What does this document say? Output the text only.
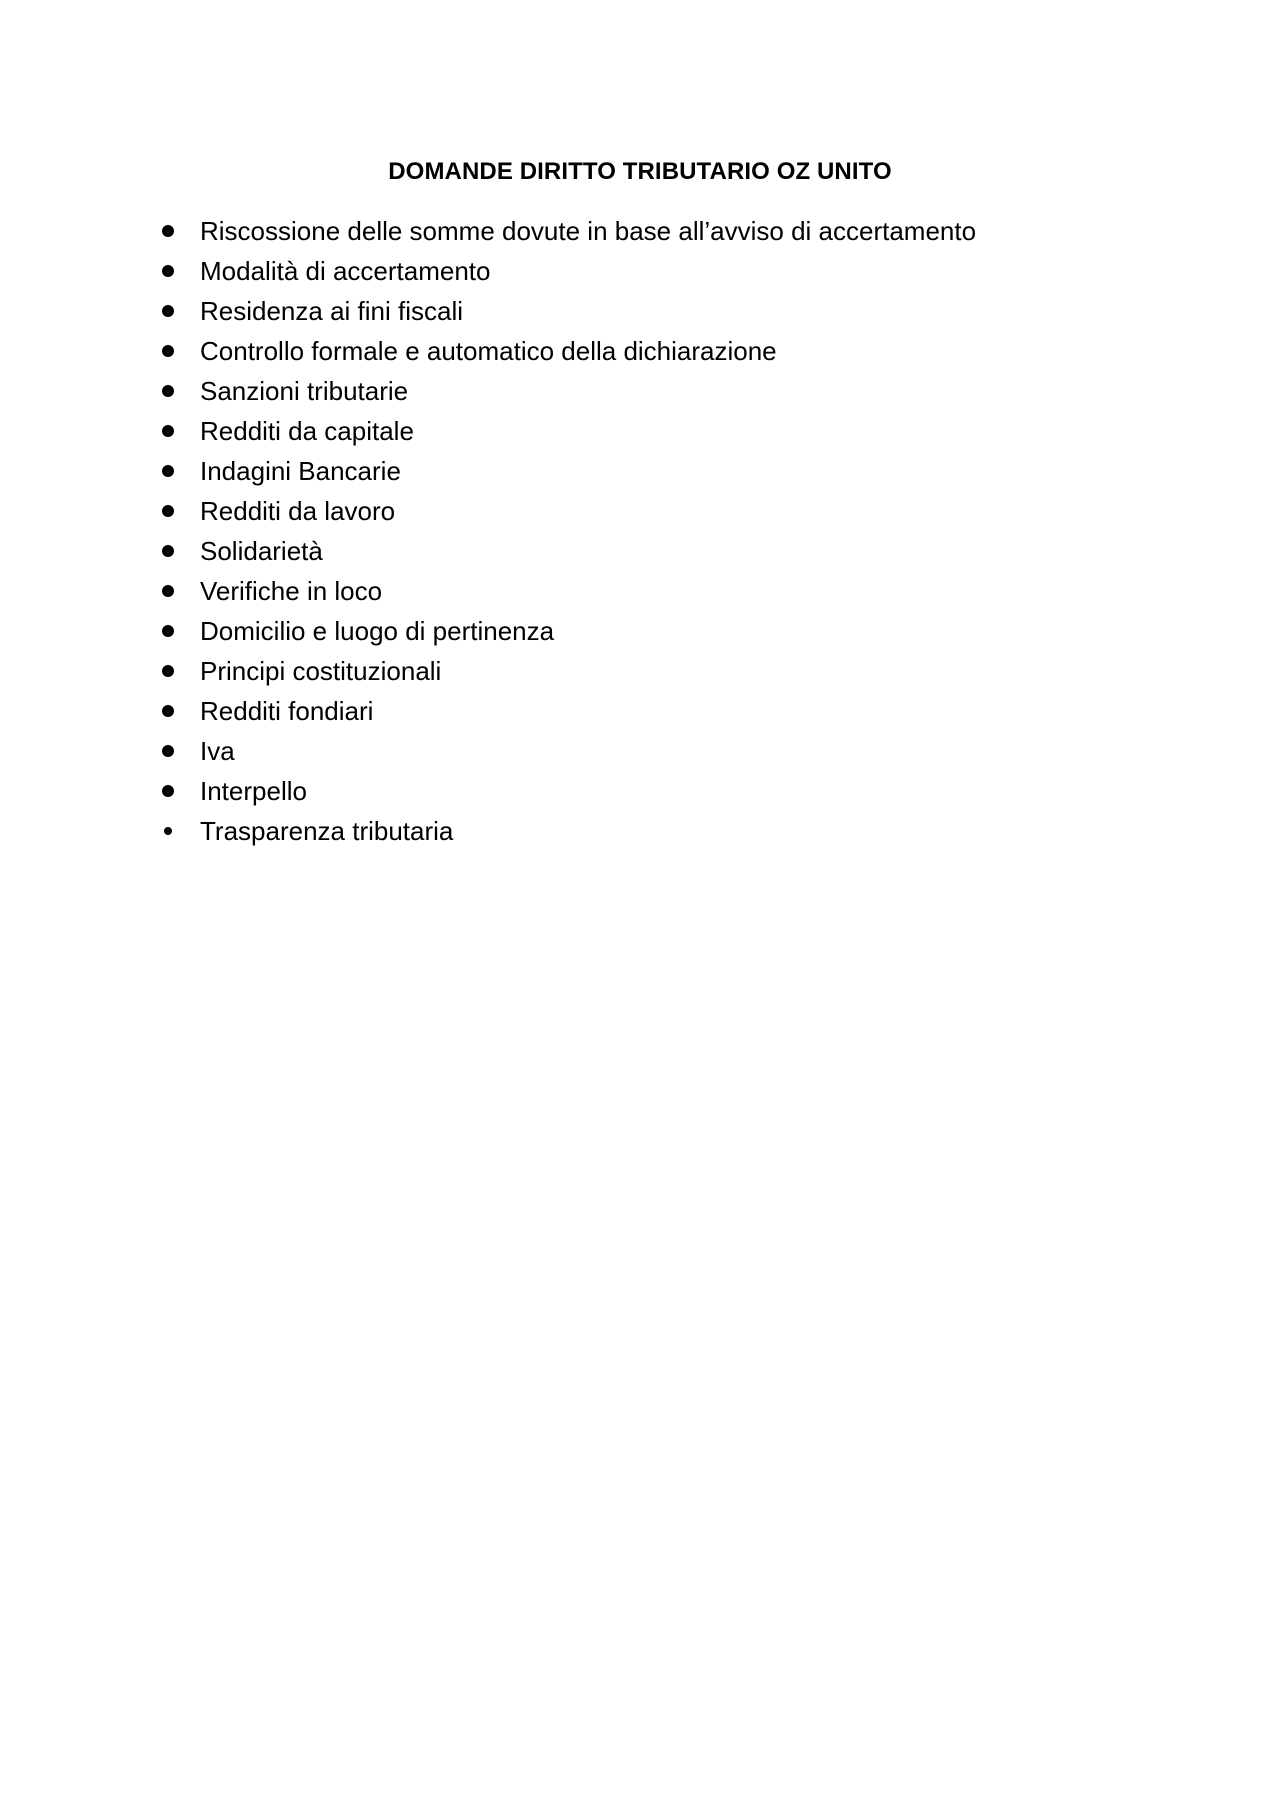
DOMANDE DIRITTO TRIBUTARIO OZ UNITO
Riscossione delle somme dovute in base all’avviso di accertamento
Modalità di accertamento
Residenza ai fini fiscali
Controllo formale e automatico della dichiarazione
Sanzioni tributarie
Redditi da capitale
Indagini Bancarie
Redditi da lavoro
Solidarietà
Verifiche in loco
Domicilio e luogo di pertinenza
Principi costituzionali
Redditi fondiari
Iva
Interpello
Trasparenza tributaria
